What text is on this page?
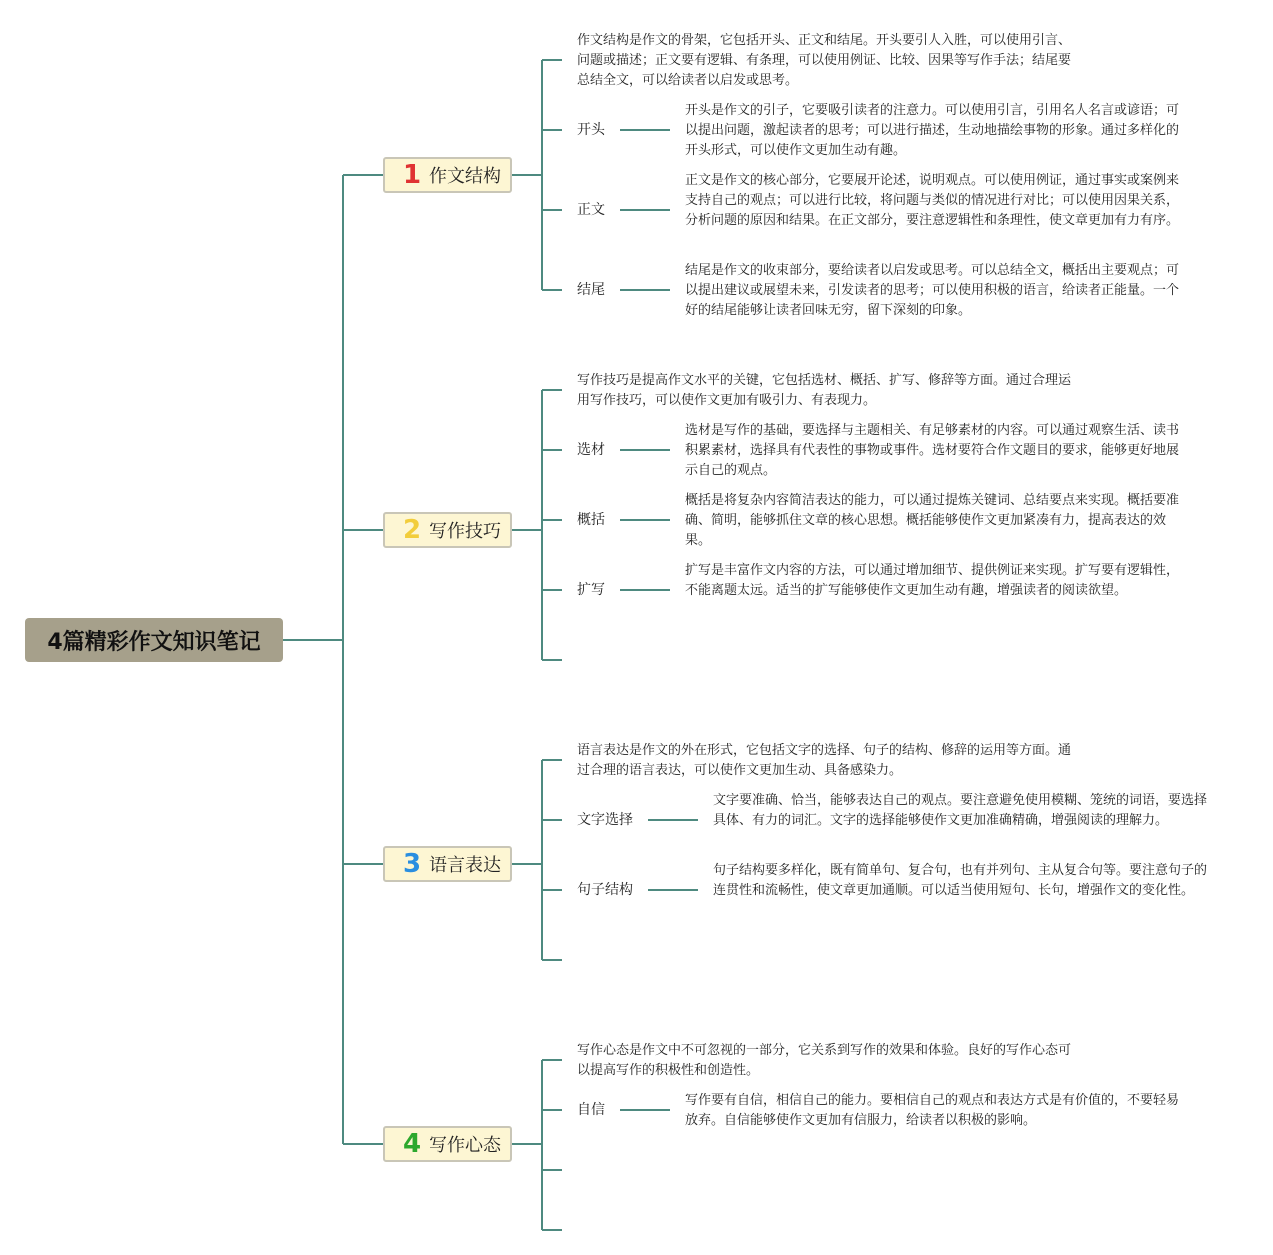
4篇精彩作文知识笔记
1 作文结构
作文结构是作文的骨架，它包括开头、正文和结尾。开头要引人入胜，可以使用引言、问题或描述；正文要有逻辑、有条理，可以使用例证、比较、因果等写作手法；结尾要总结全文，可以给读者以启发或思考。
开头
开头是作文的引子，它要吸引读者的注意力。可以使用引言，引用名人名言或谚语；可以提出问题，激起读者的思考；可以进行描述，生动地描绘事物的形象。通过多样化的开头形式，可以使作文更加生动有趣。
正文
正文是作文的核心部分，它要展开论述，说明观点。可以使用例证，通过事实或案例来支持自己的观点；可以进行比较，将问题与类似的情况进行对比；可以使用因果关系，分析问题的原因和结果。在正文部分，要注意逻辑性和条理性，使文章更加有力有序。
结尾
结尾是作文的收束部分，要给读者以启发或思考。可以总结全文，概括出主要观点；可以提出建议或展望未来，引发读者的思考；可以使用积极的语言，给读者正能量。一个好的结尾能够让读者回味无穷，留下深刻的印象。
2 写作技巧
写作技巧是提高作文水平的关键，它包括选材、概括、扩写、修辞等方面。通过合理运用写作技巧，可以使作文更加有吸引力、有表现力。
选材
选材是写作的基础，要选择与主题相关、有足够素材的内容。可以通过观察生活、读书积累素材，选择具有代表性的事物或事件。选材要符合作文题目的要求，能够更好地展示自己的观点。
概括
概括是将复杂内容简洁表达的能力，可以通过提炼关键词、总结要点来实现。概括要准确、简明，能够抓住文章的核心思想。概括能够使作文更加紧凑有力，提高表达的效果。
扩写
扩写是丰富作文内容的方法，可以通过增加细节、提供例证来实现。扩写要有逻辑性，不能离题太远。适当的扩写能够使作文更加生动有趣，增强读者的阅读欲望。
3 语言表达
语言表达是作文的外在形式，它包括文字的选择、句子的结构、修辞的运用等方面。通过合理的语言表达，可以使作文更加生动、具备感染力。
文字选择
文字要准确、恰当，能够表达自己的观点。要注意避免使用模糊、笼统的词语，要选择具体、有力的词汇。文字的选择能够使作文更加准确精确，增强阅读的理解力。
句子结构
句子结构要多样化，既有简单句、复合句，也有并列句、主从复合句等。要注意句子的连贯性和流畅性，使文章更加通顺。可以适当使用短句、长句，增强作文的变化性。
4 写作心态
写作心态是作文中不可忽视的一部分，它关系到写作的效果和体验。良好的写作心态可以提高写作的积极性和创造性。
自信
写作要有自信，相信自己的能力。要相信自己的观点和表达方式是有价值的，不要轻易放弃。自信能够使作文更加有信服力，给读者以积极的影响。
